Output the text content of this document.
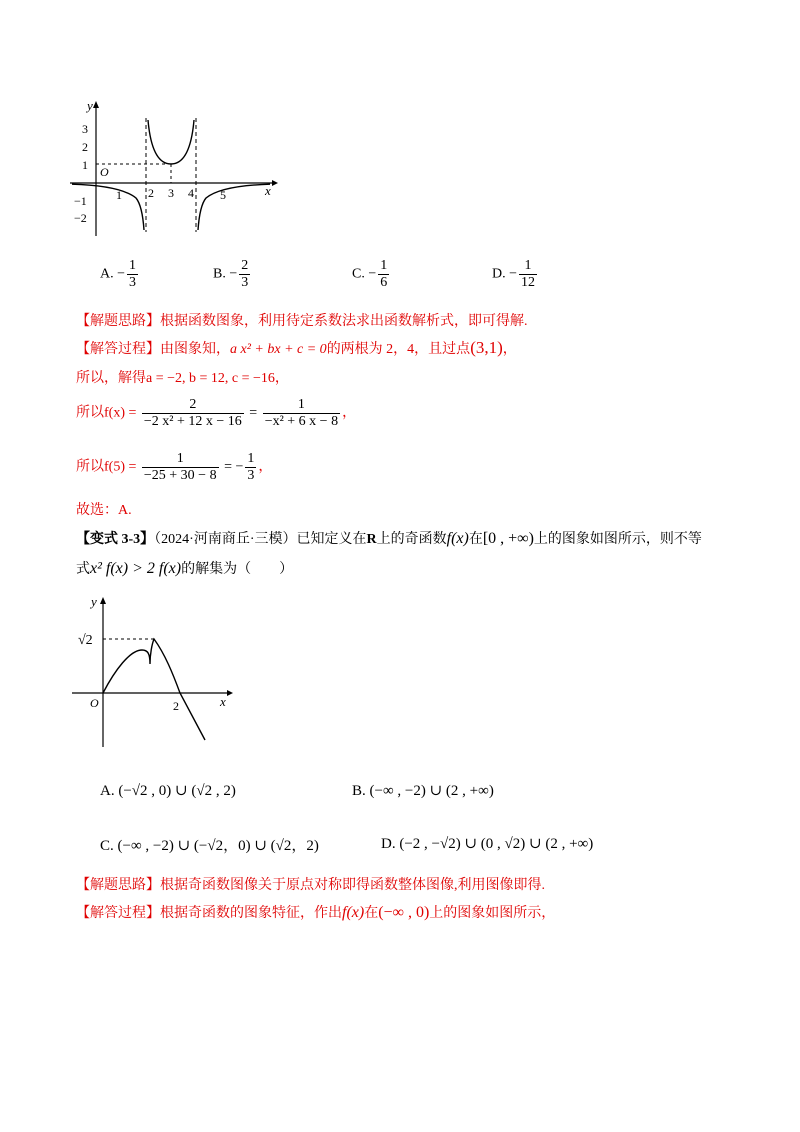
y
x
O
3
2
1
−1
−2
1 2 3 4 5
A. − $\frac{1}{3}$	B. − $\frac{2}{3}$	C. − $\frac{1}{6}$	D. − $\frac{1}{12}$
【解题思路】根据函数图象，利用待定系数法求出函数解析式，即可得解.
【解答过程】由图象知，a x² + bx + c = 0的两根为 2，4，且过点(3,1)，
所以，解得a = −2, b = 12, c = −16，
所以$f(x) = \frac{2}{\text{−2 x² + 12 x − 16}} = \frac{1}{\text{−x² + 6 x − 8}}$ ，
所以$f(5) = \frac{1}{-25 + 30 - 8}$ = − $\frac{1}{3}$ ，
故选：A.
【变式 3-3】（2024·河南商丘·三模）已知定义在R上的奇函数f(x)在[0 , +∞)上的图象如图所示，则不等
式x² f(x) > 2 f(x)的解集为（　　）
y
x
O
√2
2
A. (−√2 , 0) ∪ (√2 , 2)	B. (−∞ , −2) ∪ (2 , +∞)
C. (−∞ , −2) ∪ (−√2，0) ∪ (√2，2)	D. (−2 , −√2) ∪ (0 , √2) ∪ (2 , +∞)
【解题思路】根据奇函数图像关于原点对称即得函数整体图像,利用图像即得.
【解答过程】根据奇函数的图象特征，作出f(x)在(−∞ , 0)上的图象如图所示，
